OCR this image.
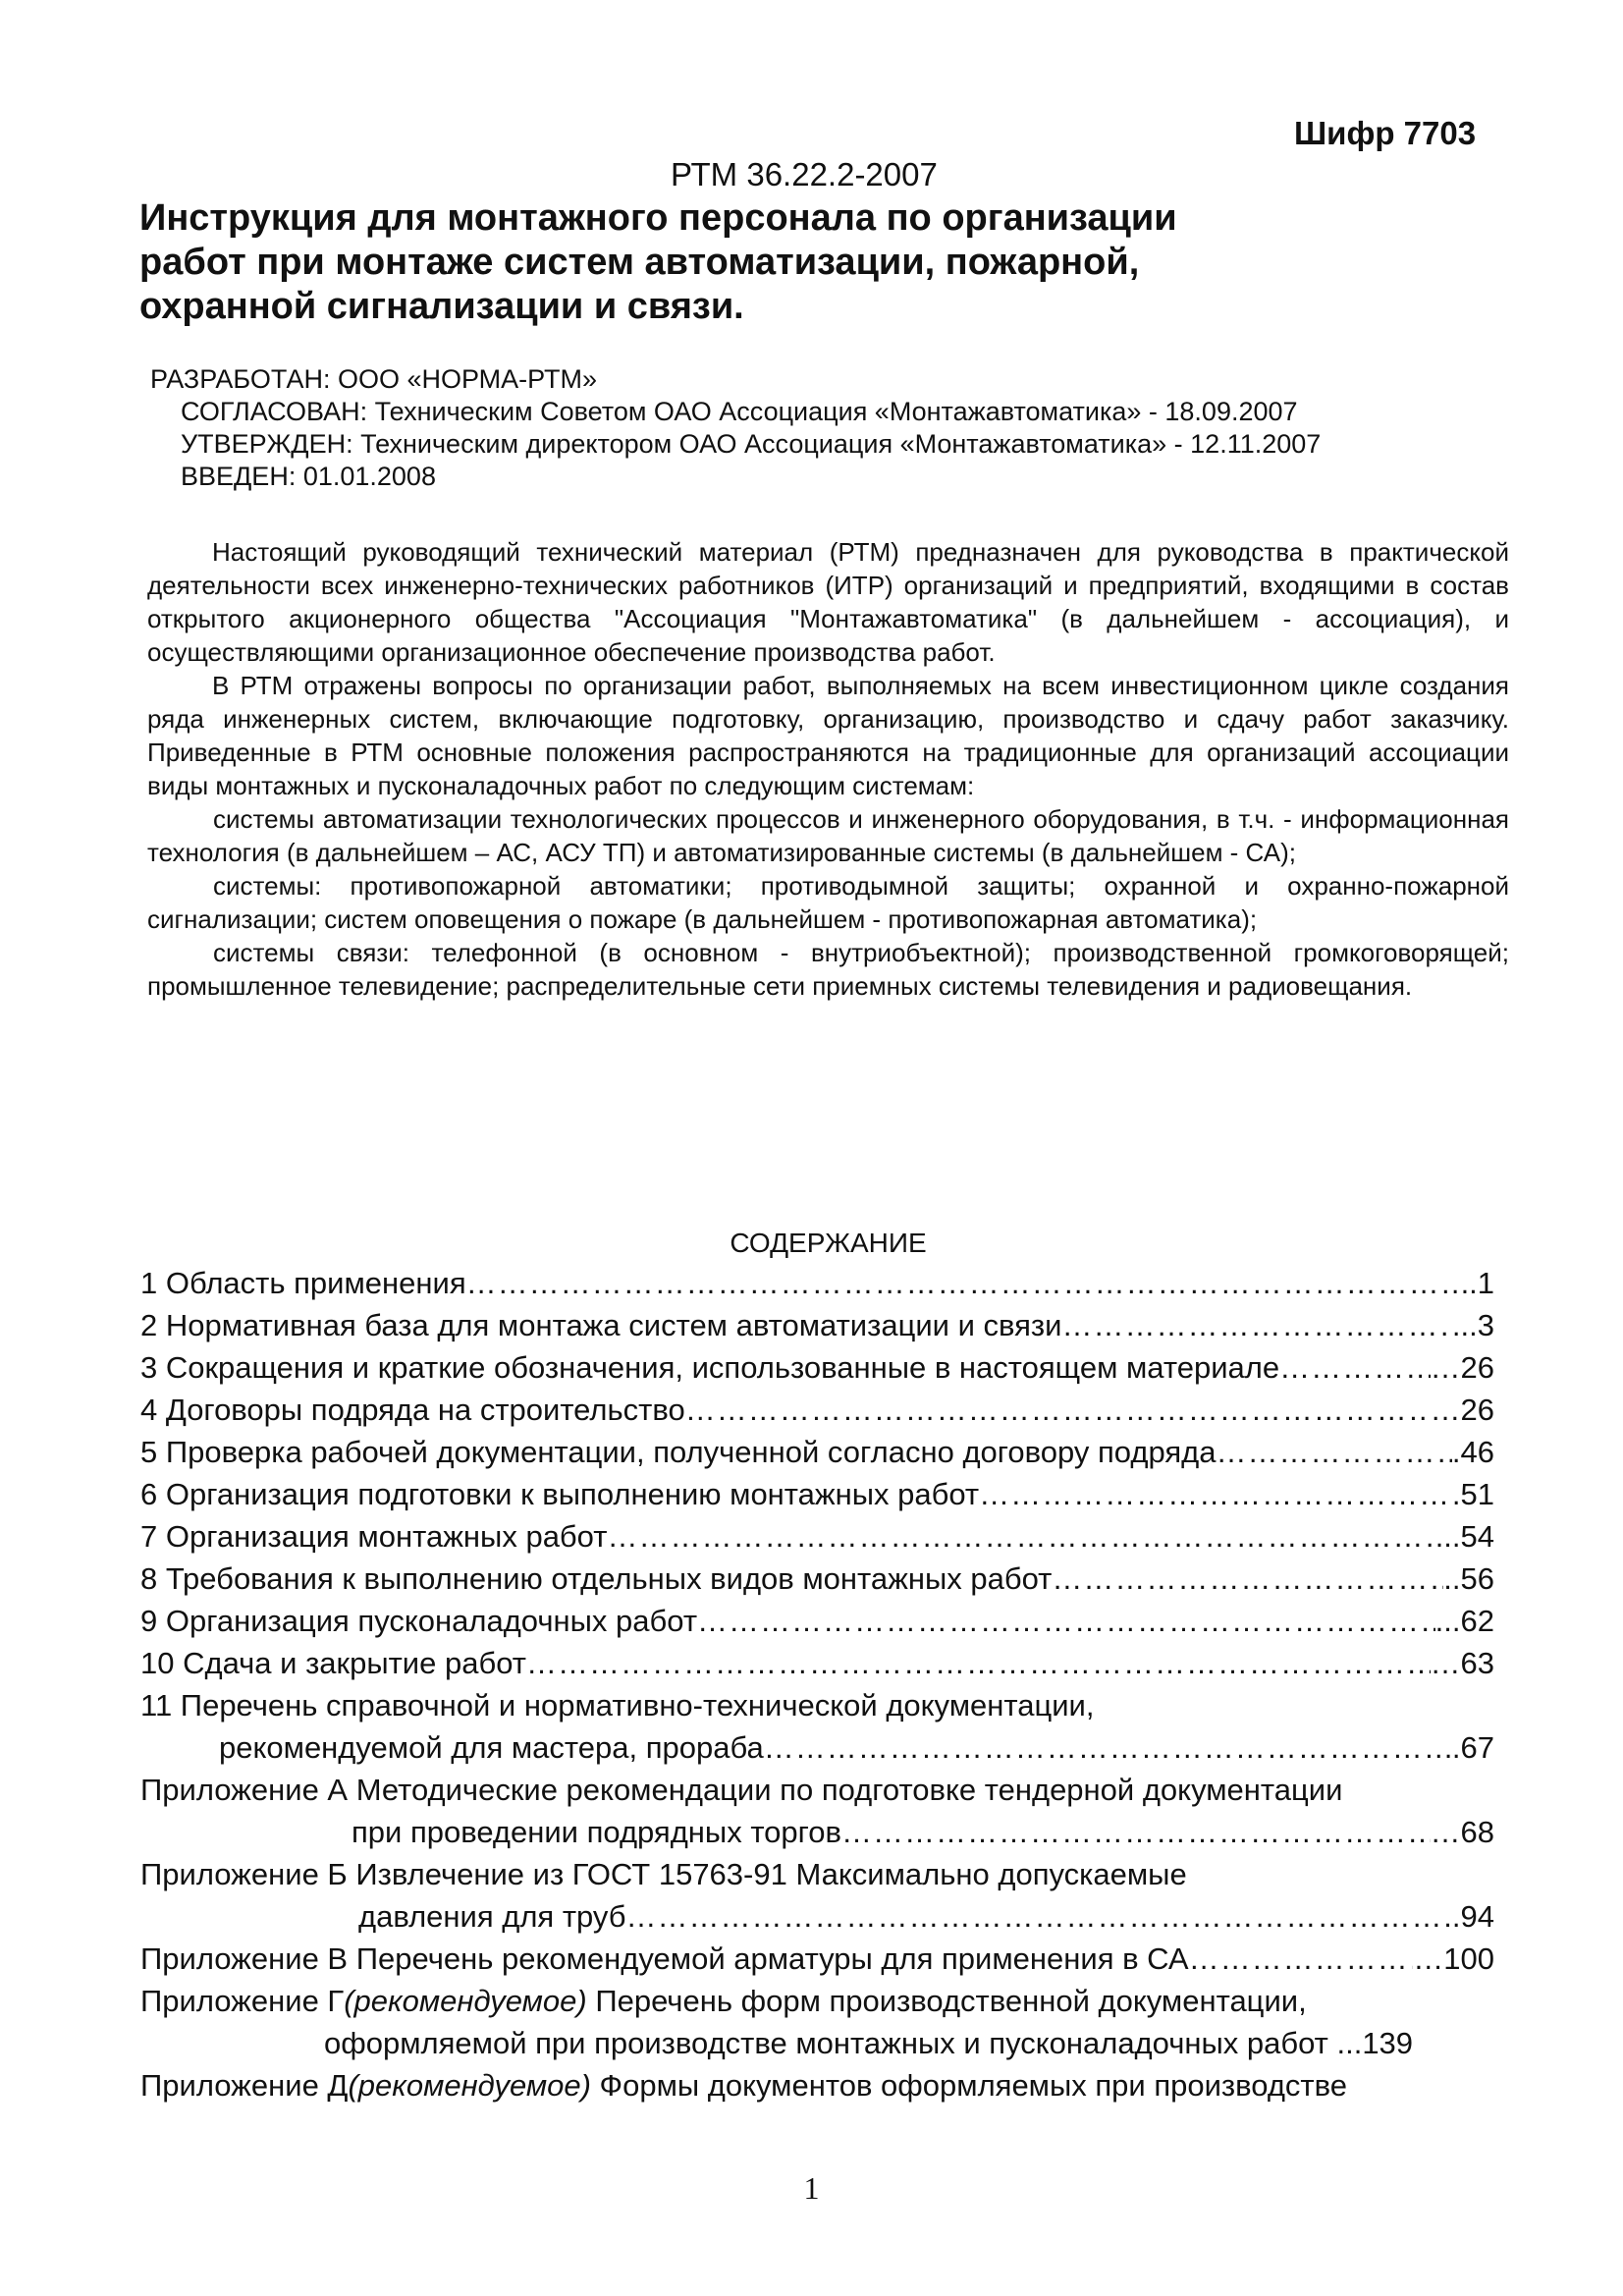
Шифр 7703
РТМ 36.22.2-2007
Инструкция для монтажного персонала по организации
работ при монтаже систем автоматизации, пожарной,
охранной сигнализации и связи.
РАЗРАБОТАН: ООО «НОРМА-РТМ»
СОГЛАСОВАН: Техническим Советом ОАО Ассоциация «Монтажавтоматика» - 18.09.2007
УТВЕРЖДЕН: Техническим директором ОАО Ассоциация «Монтажавтоматика» - 12.11.2007
ВВЕДЕН: 01.01.2008

Настоящий руководящий технический материал (РТМ) предназначен для руководства в практической деятельности всех инженерно-технических работников (ИТР) организаций и предприятий, входящими в состав открытого акционерного общества "Ассоциация "Монтажавтоматика" (в дальнейшем - ассоциация), и осуществляющими организационное обеспечение производства работ.

В РТМ отражены вопросы по организации работ, выполняемых на всем инвестиционном цикле создания ряда инженерных систем, включающие подготовку, организацию, производство и сдачу работ заказчику. Приведенные в РТМ основные положения распространяются на традиционные для организаций ассоциации виды монтажных и пусконаладочных работ по следующим системам:

системы автоматизации технологических процессов и инженерного оборудования, в т.ч. - информационная технология (в дальнейшем – АС, АСУ ТП) и автоматизированные системы (в дальнейшем - СА);

системы: противопожарной автоматики; противодымной защиты; охранной и охранно-пожарной сигнализации; систем оповещения о пожаре (в дальнейшем - противопожарная автоматика);

системы связи: телефонной (в основном - внутриобъектной); производственной громкоговорящей; промышленное телевидение; распределительные сети приемных системы телевидения и радиовещания.

СОДЕРЖАНИЕ
1 Область применения …………………………………………………………………………………………………………………………	.1
2 Нормативная база для монтажа систем автоматизации и связи …………………………………………………………………………………………………………………………	...3
3 Сокращения и краткие обозначения, использованные в настоящем материале …………………………………………………………………………………………………………………………	…26
4 Договоры подряда на строительство …………………………………………………………………………………………………………………………	…26
5 Проверка рабочей документации, полученной согласно договору подряда …………………………………………………………………………………………………………………………	.46
6 Организация подготовки к выполнению монтажных работ …………………………………………………………………………………………………………………………	.51
7 Организация монтажных работ …………………………………………………………………………………………………………………………	..54
8 Требования к выполнению отдельных видов монтажных работ …………………………………………………………………………………………………………………………	..56
9 Организация пусконаладочных работ …………………………………………………………………………………………………………………………	...62
10 Сдача и закрытие работ …………………………………………………………………………………………………………………………	…63
11 Перечень справочной и нормативно-технической документации,
рекомендуемой для мастера, прораба …………………………………………………………………………………………………………………………	.67
Приложение А Методические рекомендации по подготовке тендерной документации
при проведении подрядных торгов …………………………………………………………………………………………………………………………	…68
Приложение Б Извлечение из ГОСТ 15763-91 Максимально допускаемые
давления для труб …………………………………………………………………………………………………………………………	..94
Приложение В Перечень рекомендуемой арматуры для применения в СА …………………………………………………………………………………………………………………………	…100
Приложение Г (рекомендуемое) Перечень форм производственной документации,
оформляемой при производстве монтажных и пусконаладочных работ ...139
Приложение Д (рекомендуемое) Формы документов оформляемых при производстве
1
